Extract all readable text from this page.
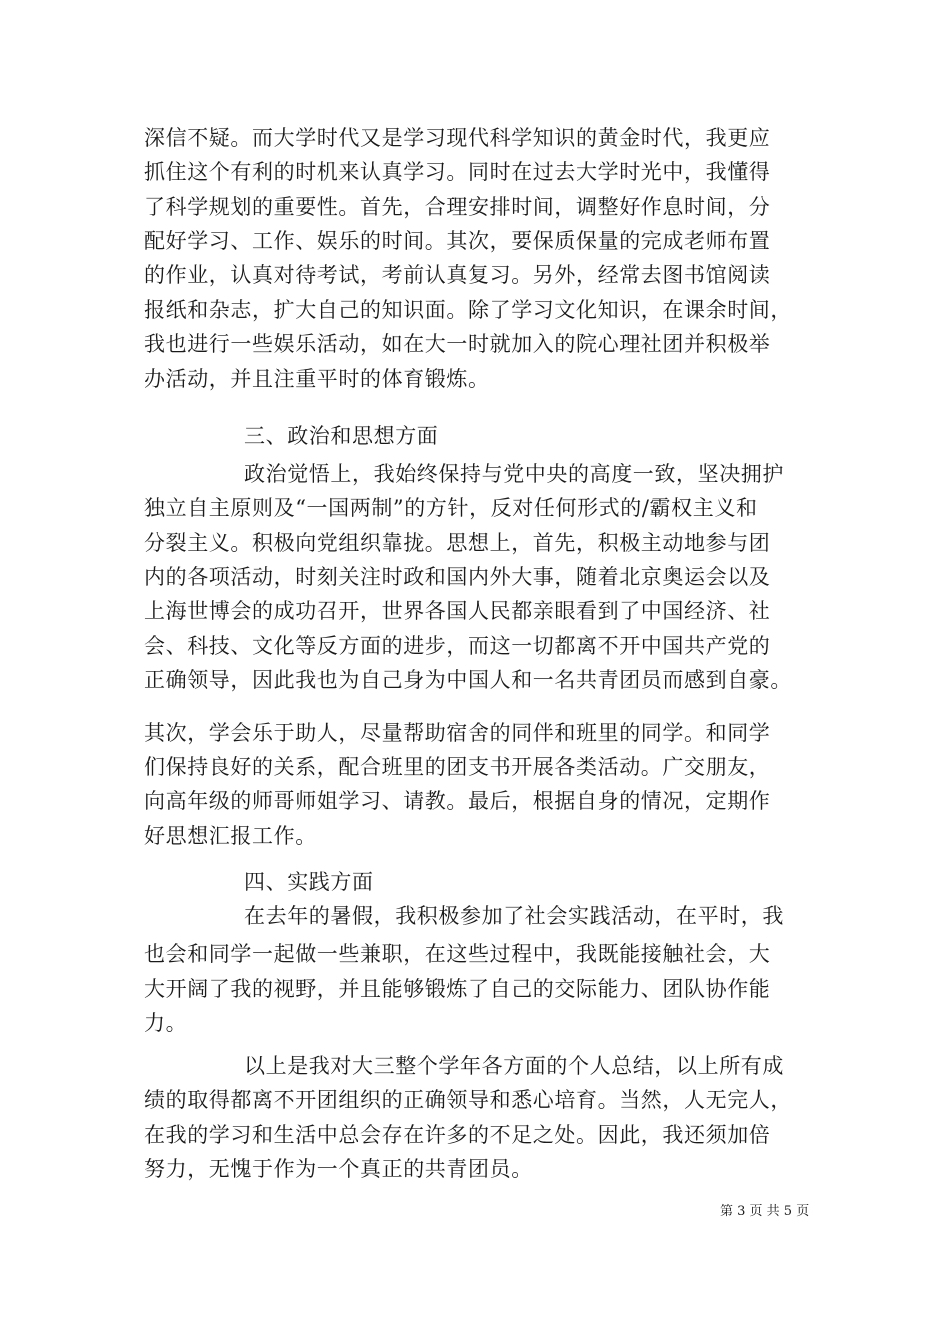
深信不疑。而大学时代又是学习现代科学知识的黄金时代，我更应
抓住这个有利的时机来认真学习。同时在过去大学时光中，我懂得
了科学规划的重要性。首先，合理安排时间，调整好作息时间，分
配好学习、工作、娱乐的时间。其次，要保质保量的完成老师布置
的作业，认真对待考试，考前认真复习。另外，经常去图书馆阅读
报纸和杂志，扩大自己的知识面。除了学习文化知识，在课余时间，
我也进行一些娱乐活动，如在大一时就加入的院心理社团并积极举
办活动，并且注重平时的体育锻炼。
三、政治和思想方面
政治觉悟上，我始终保持与党中央的高度一致，坚决拥护
独立自主原则及“一国两制”的方针，反对任何形式的/霸权主义和
分裂主义。积极向党组织靠拢。思想上，首先，积极主动地参与团
内的各项活动，时刻关注时政和国内外大事，随着北京奥运会以及
上海世博会的成功召开，世界各国人民都亲眼看到了中国经济、社
会、科技、文化等反方面的进步，而这一切都离不开中国共产党的
正确领导，因此我也为自己身为中国人和一名共青团员而感到自豪。
其次，学会乐于助人，尽量帮助宿舍的同伴和班里的同学。和同学
们保持良好的关系，配合班里的团支书开展各类活动。广交朋友，
向高年级的师哥师姐学习、请教。最后，根据自身的情况，定期作
好思想汇报工作。
四、实践方面
在去年的暑假，我积极参加了社会实践活动，在平时，我
也会和同学一起做一些兼职，在这些过程中，我既能接触社会，大
大开阔了我的视野，并且能够锻炼了自己的交际能力、团队协作能
力。
以上是我对大三整个学年各方面的个人总结，以上所有成
绩的取得都离不开团组织的正确领导和悉心培育。当然，人无完人，
在我的学习和生活中总会存在许多的不足之处。因此，我还须加倍
努力，无愧于作为一个真正的共青团员。
第 3 页 共 5 页
